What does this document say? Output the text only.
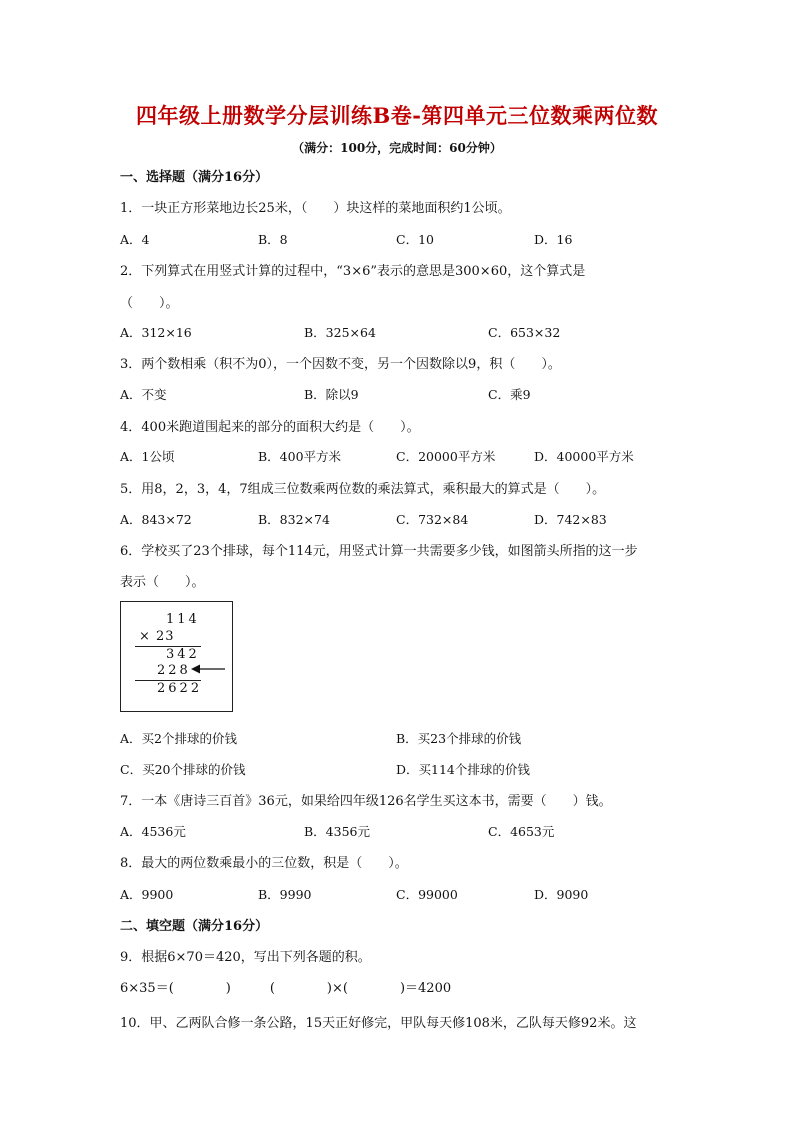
四年级上册数学分层训练B卷-第四单元三位数乘两位数
（满分：100分，完成时间：60分钟）
一、选择题（满分16分）
1．一块正方形菜地边长25米，（　　）块这样的菜地面积约1公顷。
A．4	B．8	C．10	D．16
2．下列算式在用竖式计算的过程中，“3×6”表示的意思是300×60，这个算式是
（　　）。
A．312×16	B．325×64	C．653×32
3．两个数相乘（积不为0），一个因数不变，另一个因数除以9，积（　　）。
A．不变	B．除以9	C．乘9
4．400米跑道围起来的部分的面积大约是（　　）。
A．1公顷	B．400平方米	C．20000平方米	D．40000平方米
5．用8，2，3，4，7组成三位数乘两位数的乘法算式，乘积最大的算式是（　　）。
A．843×72	B．832×74	C．732×84	D．742×83
6．学校买了23个排球，每个114元，用竖式计算一共需要多少钱，如图箭头所指的这一步
表示（　　）。
114
× 23
342
228
2622
A．买2个排球的价钱	B．买23个排球的价钱
C．买20个排球的价钱	D．买114个排球的价钱
7．一本《唐诗三百首》36元，如果给四年级126名学生买这本书，需要（　　）钱。
A．4536元	B．4356元	C．4653元
8．最大的两位数乘最小的三位数，积是（　　）。
A．9900	B．9990	C．99000	D．9090
二、填空题（满分16分）
9．根据6×70＝420，写出下列各题的积。
6×35＝(　　　　)　　　(　　　　)×(　　　　)＝4200
10．甲、乙两队合修一条公路，15天正好修完，甲队每天修108米，乙队每天修92米。这
